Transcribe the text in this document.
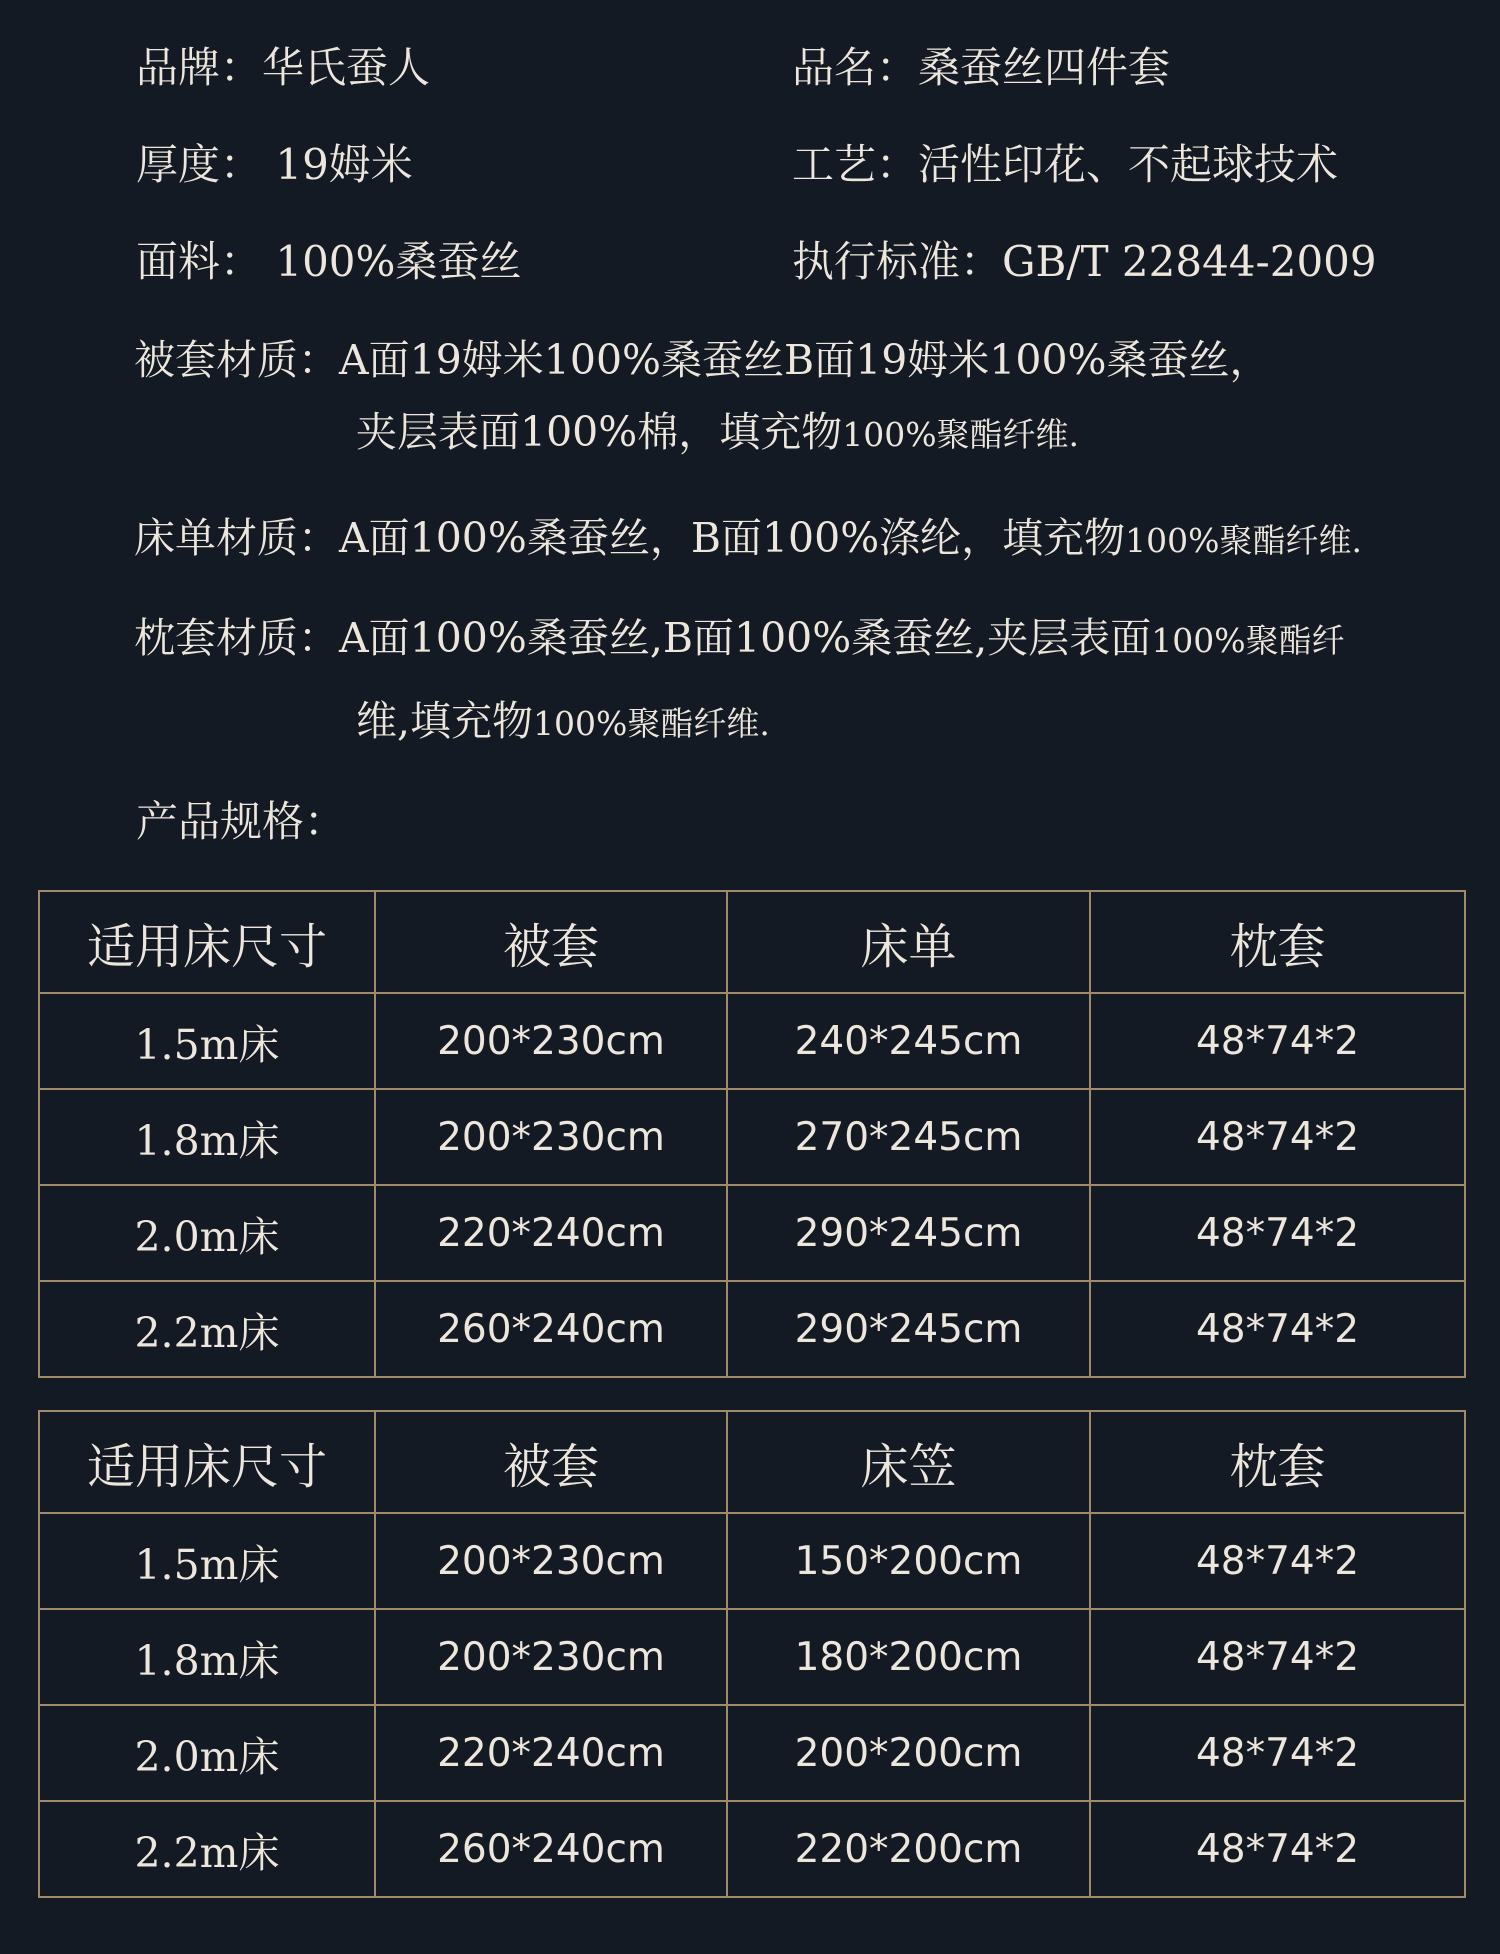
品牌：华氏蚕人	品名：桑蚕丝四件套
厚度： 19姆米	工艺：活性印花、不起球技术
面料： 100%桑蚕丝	执行标准：GB/T 22844-2009
被套材质：A面19姆米100%桑蚕丝B面19姆米100%桑蚕丝，
夹层表面100%棉，填充物100%聚酯纤维.
床单材质：A面100%桑蚕丝，B面100%涤纶，填充物100%聚酯纤维.
枕套材质：A面100%桑蚕丝,B面100%桑蚕丝,夹层表面100%聚酯纤
维,填充物100%聚酯纤维.
产品规格：
适用床尺寸	被套	床单	枕套
1.5m床	200*230cm	240*245cm	48*74*2
1.8m床	200*230cm	270*245cm	48*74*2
2.0m床	220*240cm	290*245cm	48*74*2
2.2m床	260*240cm	290*245cm	48*74*2
适用床尺寸	被套	床笠	枕套
1.5m床	200*230cm	150*200cm	48*74*2
1.8m床	200*230cm	180*200cm	48*74*2
2.0m床	220*240cm	200*200cm	48*74*2
2.2m床	260*240cm	220*200cm	48*74*2
